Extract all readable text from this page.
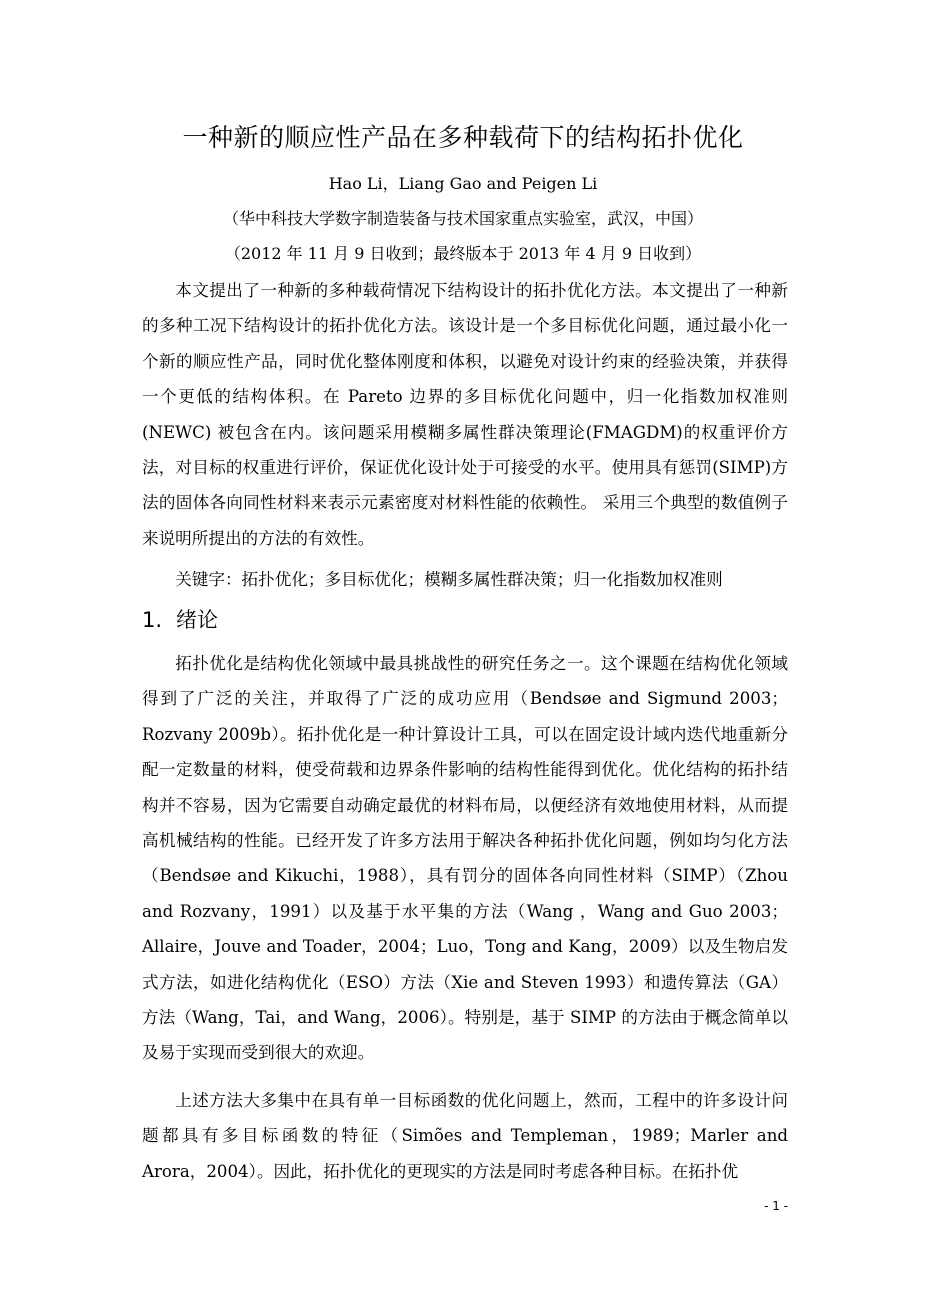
一种新的顺应性产品在多种载荷下的结构拓扑优化
Hao Li，Liang Gao and Peigen Li
（华中科技大学数字制造装备与技术国家重点实验室，武汉，中国）
（2012 年 11 月 9 日收到；最终版本于 2013 年 4 月 9 日收到）

本文提出了一种新的多种载荷情况下结构设计的拓扑优化方法。本文提出了一种新的多种工况下结构设计的拓扑优化方法。该设计是一个多目标优化问题，通过最小化一个新的顺应性产品，同时优化整体刚度和体积，以避免对设计约束的经验决策，并获得一个更低的结构体积。在 Pareto 边界的多目标优化问题中，归一化指数加权准则 (NEWC) 被包含在内。该问题采用模糊多属性群决策理论(FMAGDM)的权重评价方法，对目标的权重进行评价，保证优化设计处于可接受的水平。使用具有惩罚(SIMP)方法的固体各向同性材料来表示元素密度对材料性能的依赖性。 采用三个典型的数值例子来说明所提出的方法的有效性。

关键字：拓扑优化；多目标优化；模糊多属性群决策；归一化指数加权准则
1. 绪论

拓扑优化是结构优化领域中最具挑战性的研究任务之一。这个课题在结构优化领域得到了广泛的关注，并取得了广泛的成功应用（Bendsøe and Sigmund 2003；Rozvany 2009b）。拓扑优化是一种计算设计工具，可以在固定设计域内迭代地重新分配一定数量的材料，使受荷载和边界条件影响的结构性能得到优化。优化结构的拓扑结构并不容易，因为它需要自动确定最优的材料布局，以便经济有效地使用材料，从而提高机械结构的性能。已经开发了许多方法用于解决各种拓扑优化问题，例如均匀化方法（Bendsøe and Kikuchi，1988），具有罚分的固体各向同性材料（SIMP）（Zhou and Rozvany，1991）以及基于水平集的方法（Wang ，Wang and Guo 2003；Allaire，Jouve and Toader，2004；Luo，Tong and Kang，2009）以及生物启发式方法，如进化结构优化（ESO）方法（Xie and Steven 1993）和遗传算法（GA）方法（Wang，Tai，and Wang，2006）。特别是，基于 SIMP 的方法由于概念简单以及易于实现而受到很大的欢迎。

上述方法大多集中在具有单一目标函数的优化问题上，然而，工程中的许多设计问题都具有多目标函数的特征（Simões and Templeman，1989；Marler and Arora，2004）。因此，拓扑优化的更现实的方法是同时考虑各种目标。在拓扑优

- 1 -
